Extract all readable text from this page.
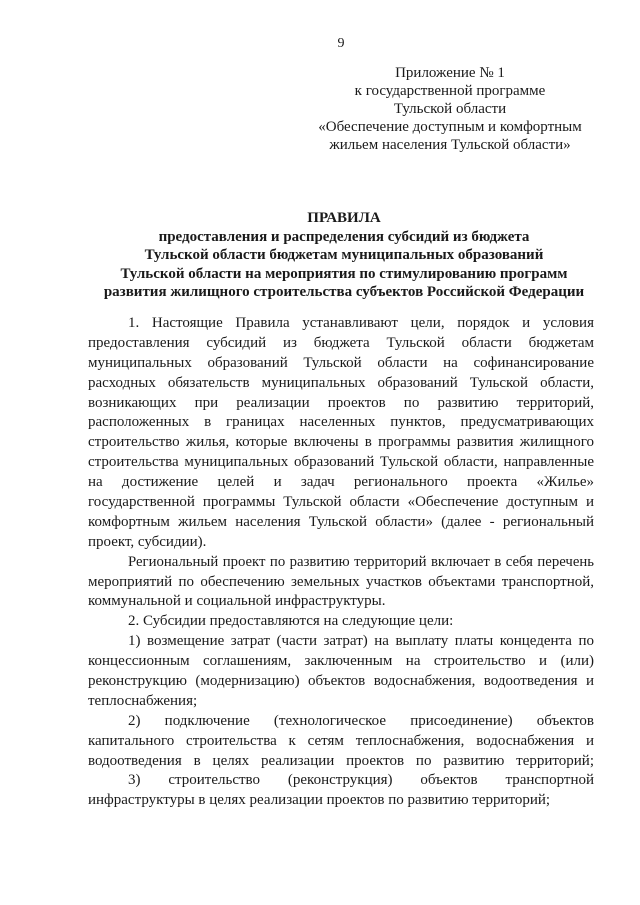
9
Приложение № 1
к государственной программе
Тульской области
«Обеспечение доступным и комфортным
жильем населения Тульской области»
ПРАВИЛА
предоставления и распределения субсидий из бюджета
Тульской области бюджетам муниципальных образований
Тульской области на мероприятия по стимулированию программ
развития жилищного строительства субъектов Российской Федерации
1. Настоящие Правила устанавливают цели, порядок и условия
предоставления субсидий из бюджета Тульской области бюджетам
муниципальных образований Тульской области на софинансирование
расходных обязательств муниципальных образований Тульской области,
возникающих при реализации проектов по развитию территорий,
расположенных в границах населенных пунктов, предусматривающих
строительство жилья, которые включены в программы развития жилищного
строительства муниципальных образований Тульской области, направленные
на достижение целей и задач регионального проекта «Жилье»
государственной программы Тульской области «Обеспечение доступным и
комфортным жильем населения Тульской области» (далее - региональный
проект, субсидии).
Региональный проект по развитию территорий включает в себя перечень
мероприятий по обеспечению земельных участков объектами транспортной,
коммунальной и социальной инфраструктуры.
2. Субсидии предоставляются на следующие цели:
1) возмещение затрат (части затрат) на выплату платы концедента по
концессионным соглашениям, заключенным на строительство и (или)
реконструкцию (модернизацию) объектов водоснабжения, водоотведения и
теплоснабжения;
2) подключение (технологическое присоединение) объектов
капитального строительства к сетям теплоснабжения, водоснабжения и
водоотведения в целях реализации проектов по развитию территорий;
3) строительство (реконструкция) объектов транспортной
инфраструктуры в целях реализации проектов по развитию территорий;
